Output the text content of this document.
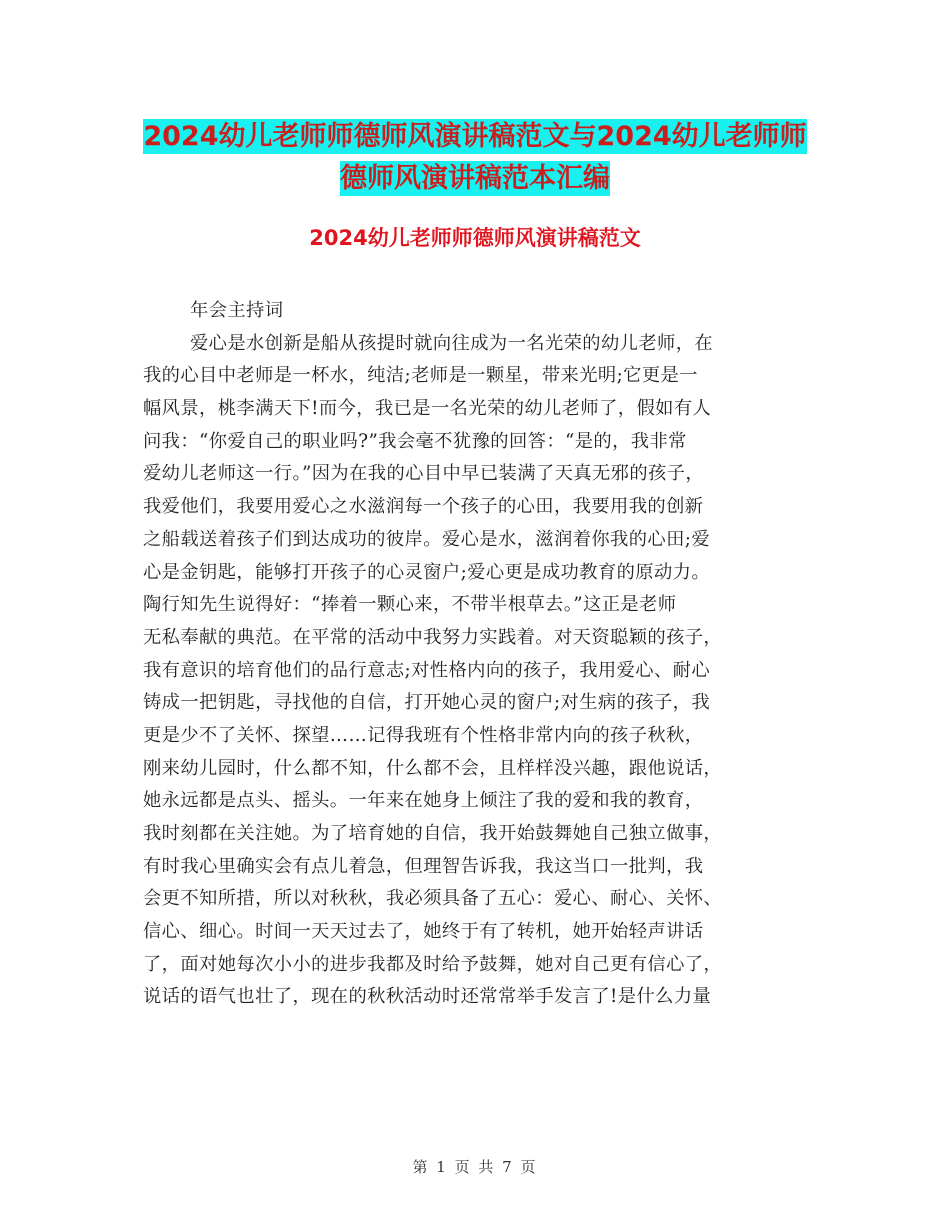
2024幼儿老师师德师风演讲稿范文与2024幼儿老师师
德师风演讲稿范本汇编
2024幼儿老师师德师风演讲稿范文
年会主持词
爱心是水创新是船从孩提时就向往成为一名光荣的幼儿老师，在
我的心目中老师是一杯水，纯洁;老师是一颗星，带来光明;它更是一
幅风景，桃李满天下!而今，我已是一名光荣的幼儿老师了，假如有人
问我：“你爱自己的职业吗?”我会毫不犹豫的回答：“是的，我非常
爱幼儿老师这一行。”因为在我的心目中早已装满了天真无邪的孩子，
我爱他们，我要用爱心之水滋润每一个孩子的心田，我要用我的创新
之船载送着孩子们到达成功的彼岸。爱心是水，滋润着你我的心田;爱
心是金钥匙，能够打开孩子的心灵窗户;爱心更是成功教育的原动力。
陶行知先生说得好：“捧着一颗心来，不带半根草去。”这正是老师
无私奉献的典范。在平常的活动中我努力实践着。对天资聪颖的孩子，
我有意识的培育他们的品行意志;对性格内向的孩子，我用爱心、耐心
铸成一把钥匙，寻找他的自信，打开她心灵的窗户;对生病的孩子，我
更是少不了关怀、探望……记得我班有个性格非常内向的孩子秋秋，
刚来幼儿园时，什么都不知，什么都不会，且样样没兴趣，跟他说话，
她永远都是点头、摇头。一年来在她身上倾注了我的爱和我的教育，
我时刻都在关注她。为了培育她的自信，我开始鼓舞她自己独立做事，
有时我心里确实会有点儿着急，但理智告诉我，我这当口一批判，我
会更不知所措，所以对秋秋，我必须具备了五心：爱心、耐心、关怀、
信心、细心。时间一天天过去了，她终于有了转机，她开始轻声讲话
了，面对她每次小小的进步我都及时给予鼓舞，她对自己更有信心了，
说话的语气也壮了，现在的秋秋活动时还常常举手发言了!是什么力量
第 1 页 共 7 页
